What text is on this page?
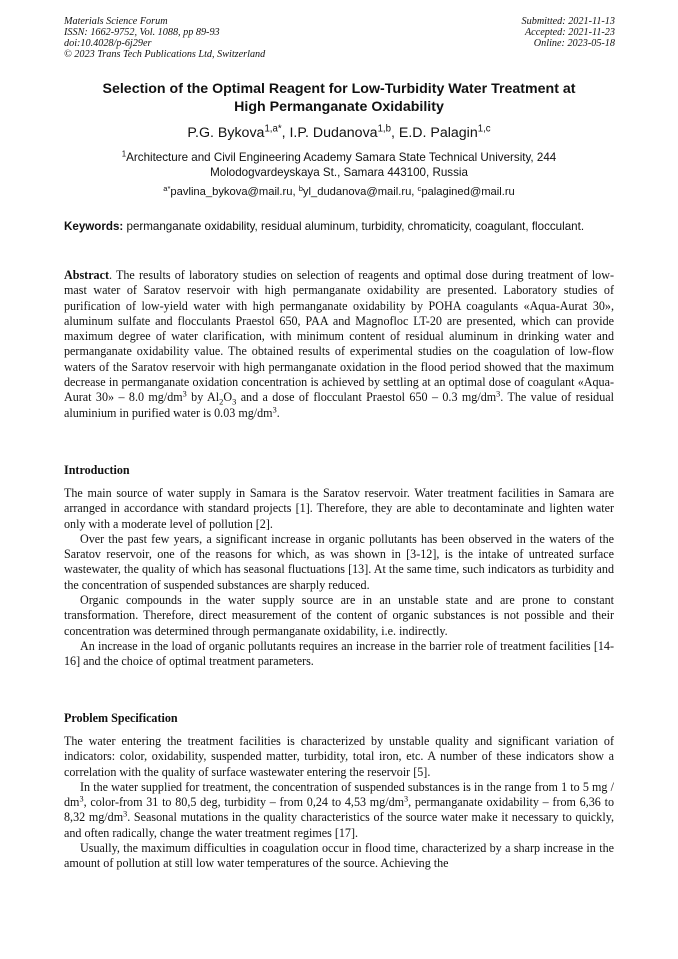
Materials Science Forum
ISSN: 1662-9752, Vol. 1088, pp 89-93
doi:10.4028/p-6j29er
© 2023 Trans Tech Publications Ltd, Switzerland
Submitted: 2021-11-13
Accepted: 2021-11-23
Online: 2023-05-18
Selection of the Optimal Reagent for Low-Turbidity Water Treatment at
High Permanganate Oxidability
P.G. Bykova$^{1,a*}$, I.P. Dudanova$^{1,b}$, E.D. Palagin$^{1,c}$
$^1$Architecture and Civil Engineering Academy Samara State Technical University, 244
Molodogvardeyskaya St., Samara 443100, Russia
$^{a*}$pavlina_bykova@mail.ru, $^b$yl_dudanova@mail.ru, $^c$palagined@mail.ru
Keywords: permanganate oxidability, residual aluminum, turbidity, chromaticity, coagulant, flocculant.

Abstract. The results of laboratory studies on selection of reagents and optimal dose during treatment of low-mast water of Saratov reservoir with high permanganate oxidability are presented. Laboratory studies of purification of low-yield water with high permanganate oxidability by POHA coagulants «Aqua-Aurat 30», aluminum sulfate and flocculants Praestol 650, PAA and Magnofloc LT-20 are presented, which can provide maximum degree of water clarification, with minimum content of residual aluminum in drinking water and permanganate oxidability value. The obtained results of experimental studies on the coagulation of low-flow waters of the Saratov reservoir with high permanganate oxidation in the flood period showed that the maximum decrease in permanganate oxidation concentration is achieved by settling at an optimal dose of coagulant «Aqua-Aurat 30» – 8.0 $mg/dm^3$ by $Al_2O_3$ and a dose of flocculant Praestol 650 – 0.3 $mg/dm^3$. The value of residual aluminium in purified water is 0.03 $mg/dm^3$.

Introduction

The main source of water supply in Samara is the Saratov reservoir. Water treatment facilities in Samara are arranged in accordance with standard projects [1]. Therefore, they are able to decontaminate and lighten water only with a moderate level of pollution [2].

Over the past few years, a significant increase in organic pollutants has been observed in the waters of the Saratov reservoir, one of the reasons for which, as was shown in [3-12], is the intake of untreated surface wastewater, the quality of which has seasonal fluctuations [13]. At the same time, such indicators as turbidity and the concentration of suspended substances are sharply reduced.

Organic compounds in the water supply source are in an unstable state and are prone to constant transformation. Therefore, direct measurement of the content of organic substances is not possible and their concentration was determined through permanganate oxidability, i.e. indirectly.

An increase in the load of organic pollutants requires an increase in the barrier role of treatment facilities [14-16] and the choice of optimal treatment parameters.

Problem Specification

The water entering the treatment facilities is characterized by unstable quality and significant variation of indicators: color, oxidability, suspended matter, turbidity, total iron, etc. A number of these indicators show a correlation with the quality of surface wastewater entering the reservoir [5].

In the water supplied for treatment, the concentration of suspended substances is in the range from 1 to 5 mg / $dm^3$, color-from 31 to 80,5 deg, turbidity – from 0,24 to 4,53 $mg/dm^3$, permanganate oxidability – from 6,36 to 8,32 $mg/dm^3$. Seasonal mutations in the quality characteristics of the source water make it necessary to quickly, and often radically, change the water treatment regimes [17].

Usually, the maximum difficulties in coagulation occur in flood time, characterized by a sharp increase in the amount of pollution at still low water temperatures of the source. Achieving the
